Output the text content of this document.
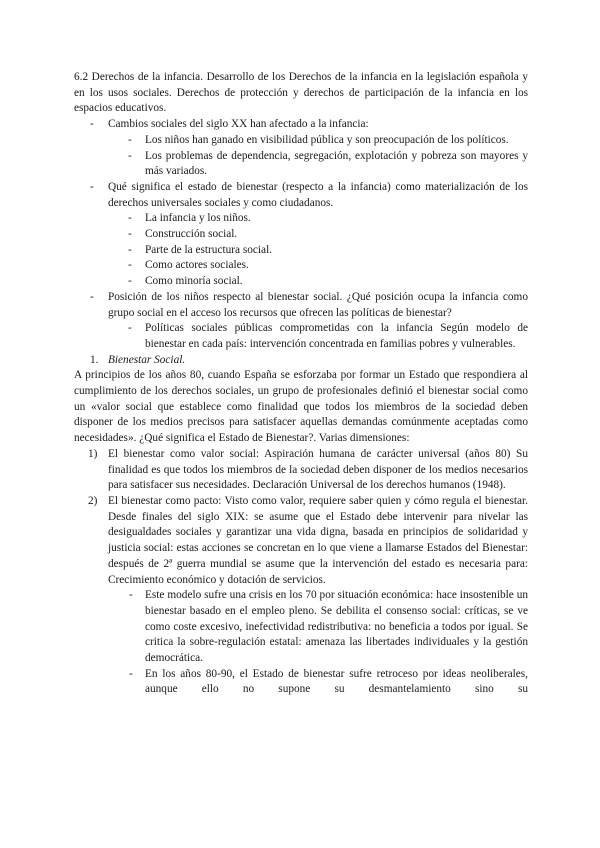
6.2 Derechos de la infancia. Desarrollo de los Derechos de la infancia en la legislación española y en los usos sociales. Derechos de protección y derechos de participación de la infancia en los espacios educativos.

- Cambios sociales del siglo XX han afectado a la infancia:
- Los niños han ganado en visibilidad pública y son preocupación de los políticos.
- Los problemas de dependencia, segregación, explotación y pobreza son mayores y más variados.
- Qué significa el estado de bienestar (respecto a la infancia) como materialización de los derechos universales sociales y como ciudadanos.
- La infancia y los niños.
- Construcción social.
- Parte de la estructura social.
- Como actores sociales.
- Como minoría social.
- Posición de los niños respecto al bienestar social. ¿Qué posición ocupa la infancia como grupo social en el acceso los recursos que ofrecen las políticas de bienestar?
- Políticas sociales públicas comprometidas con la infancia Según modelo de bienestar en cada país: intervención concentrada en familias pobres y vulnerables.

1. Bienestar Social.

A principios de los años 80, cuando España se esforzaba por formar un Estado que respondiera al cumplimiento de los derechos sociales, un grupo de profesionales definió el bienestar social como un «valor social que establece como finalidad que todos los miembros de la sociedad deben disponer de los medios precisos para satisfacer aquellas demandas comúnmente aceptadas como necesidades». ¿Qué significa el Estado de Bienestar?. Varias dimensiones:

1) El bienestar como valor social: Aspiración humana de carácter universal (años 80) Su finalidad es que todos los miembros de la sociedad deben disponer de los medios necesarios para satisfacer sus necesidades. Declaración Universal de los derechos humanos (1948).
2) El bienestar como pacto: Visto como valor, requiere saber quien y cómo regula el bienestar. Desde finales del siglo XIX: se asume que el Estado debe intervenir para nivelar las desigualdades sociales y garantizar una vida digna, basada en principios de solidaridad y justicia social: estas acciones se concretan en lo que viene a llamarse Estados del Bienestar: después de 2ª guerra mundial se asume que la intervención del estado es necesaria para: Crecimiento económico y dotación de servicios.
- Este modelo sufre una crisis en los 70 por situación económica: hace insostenible un bienestar basado en el empleo pleno. Se debilita el consenso social: críticas, se ve como coste excesivo, inefectividad redistributiva: no beneficia a todos por igual. Se critica la sobre-regulación estatal: amenaza las libertades individuales y la gestión democrática.
- En los años 80-90, el Estado de bienestar sufre retroceso por ideas neoliberales, aunque ello no supone su desmantelamiento sino su
